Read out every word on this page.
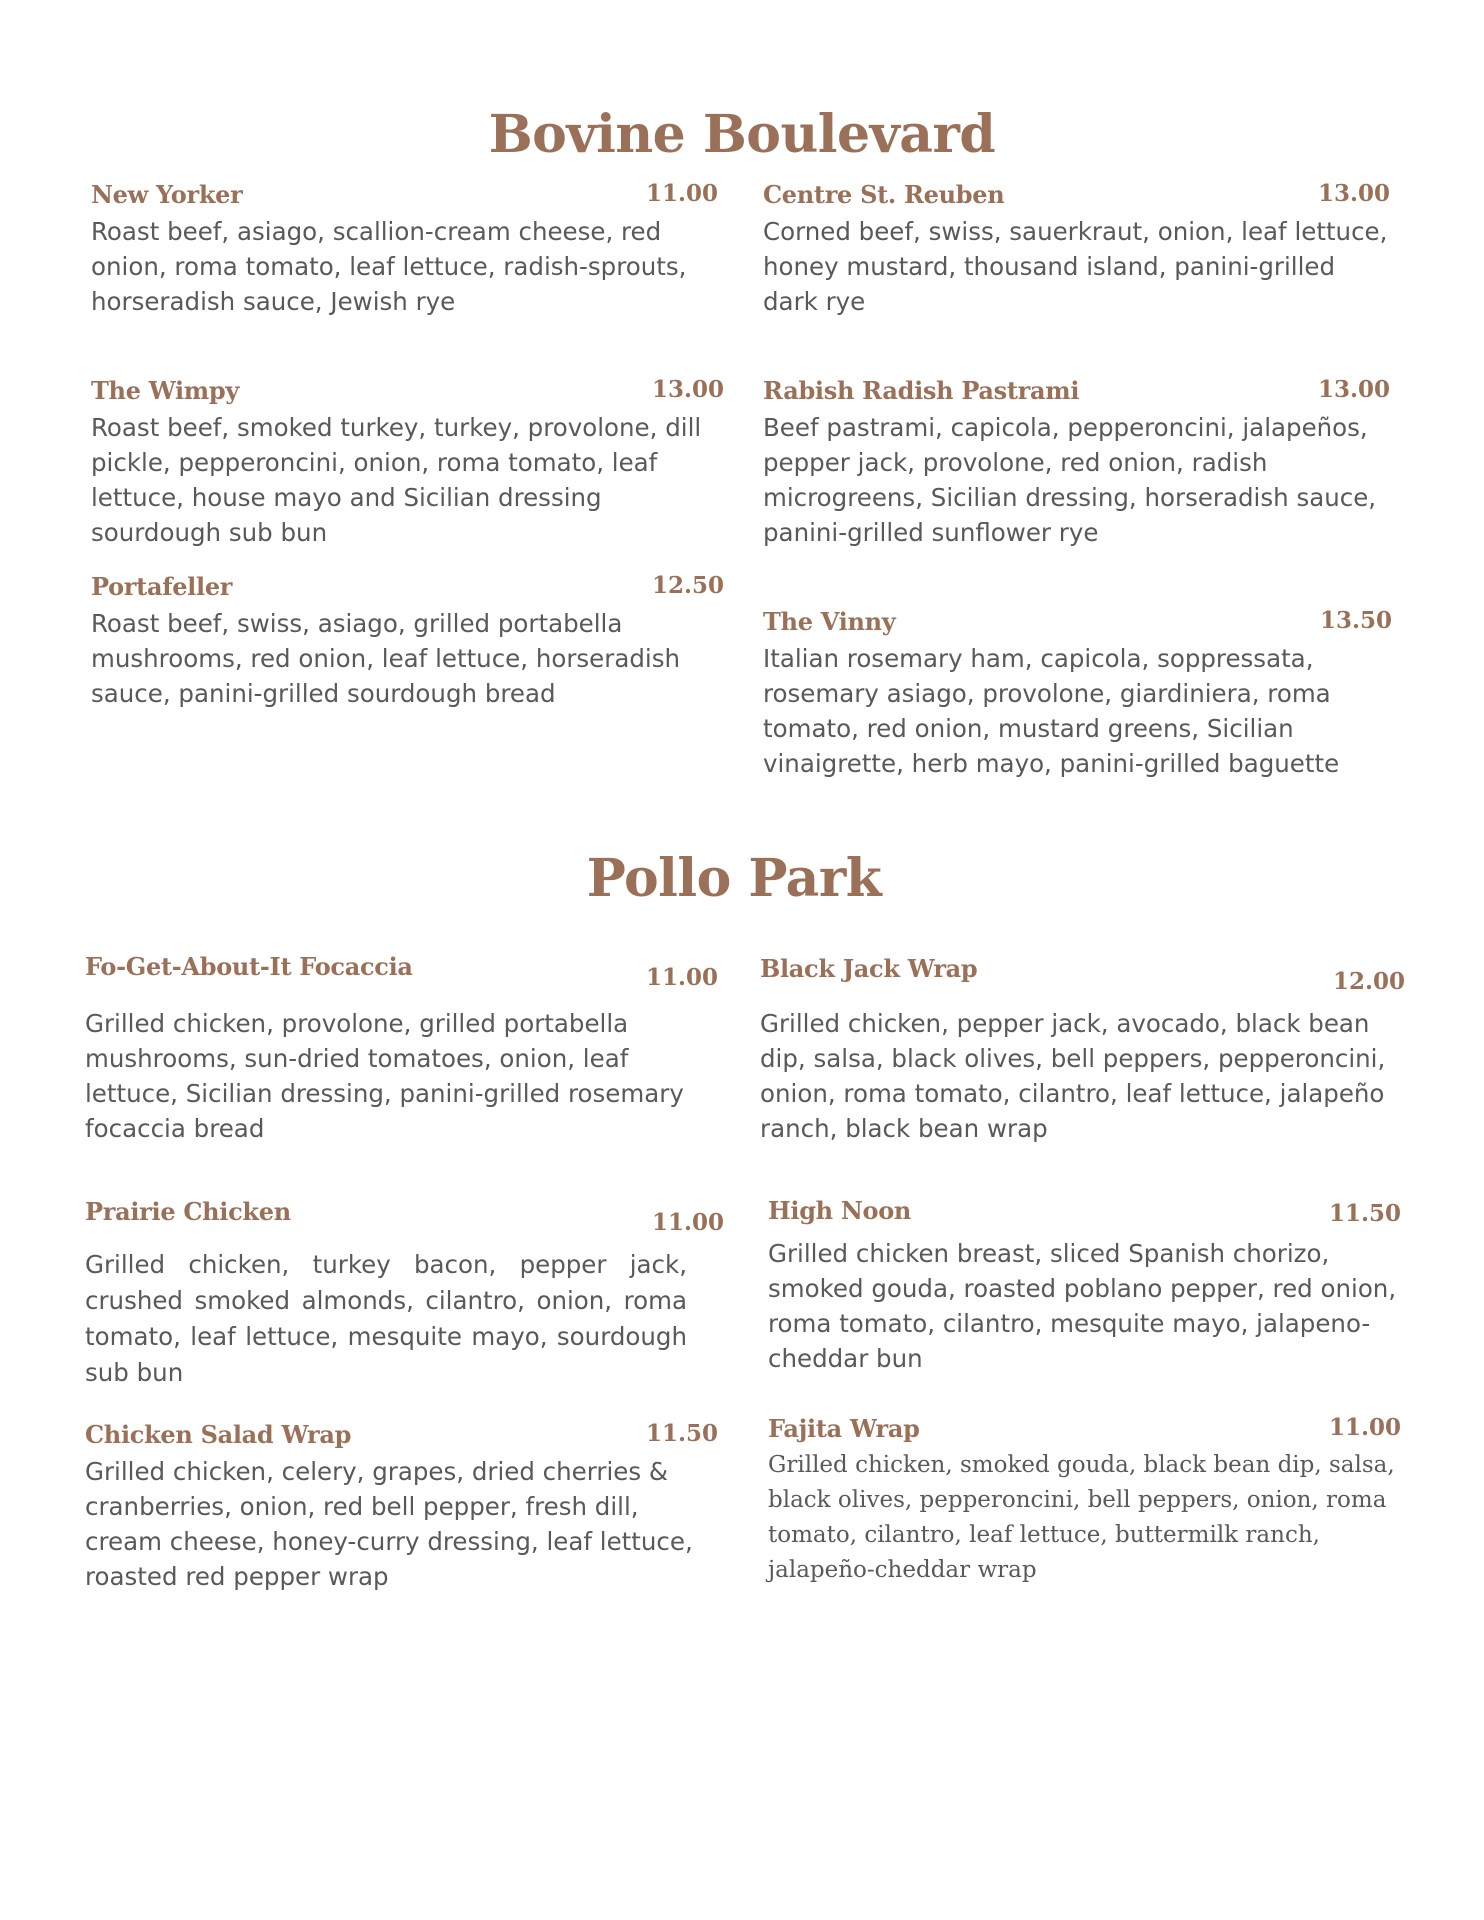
Bovine Boulevard
New Yorker	11.00

Roast beef, asiago, scallion-cream cheese, red onion, roma tomato, leaf lettuce, radish-sprouts, horseradish sauce, Jewish rye

Centre St. Reuben	13.00

Corned beef, swiss, sauerkraut, onion, leaf lettuce, honey mustard, thousand island, panini-grilled dark rye

The Wimpy	13.00

Roast beef, smoked turkey, turkey, provolone, dill pickle, pepperoncini, onion, roma tomato, leaf lettuce, house mayo and Sicilian dressing sourdough sub bun

Rabish Radish Pastrami	13.00

Beef pastrami, capicola, pepperoncini, jalapeños, pepper jack, provolone, red onion, radish microgreens, Sicilian dressing, horseradish sauce, panini-grilled sunflower rye

Portafeller	12.50

Roast beef, swiss, asiago, grilled portabella mushrooms, red onion, leaf lettuce, horseradish sauce, panini-grilled sourdough bread

The Vinny	13.50

Italian rosemary ham, capicola, soppressata, rosemary asiago, provolone, giardiniera, roma tomato, red onion, mustard greens, Sicilian vinaigrette, herb mayo, panini-grilled baguette

Pollo Park
Fo-Get-About-It Focaccia	11.00

Grilled chicken, provolone, grilled portabella mushrooms, sun-dried tomatoes, onion, leaf lettuce, Sicilian dressing, panini-grilled rosemary focaccia bread

Black Jack Wrap	12.00

Grilled chicken, pepper jack, avocado, black bean dip, salsa, black olives, bell peppers, pepperoncini, onion, roma tomato, cilantro, leaf lettuce, jalapeño ranch, black bean wrap

Prairie Chicken	11.00

Grilled chicken, turkey bacon, pepper jack, crushed smoked almonds, cilantro, onion, roma tomato, leaf lettuce, mesquite mayo, sourdough sub bun

High Noon	11.50

Grilled chicken breast, sliced Spanish chorizo, smoked gouda, roasted poblano pepper, red onion, roma tomato, cilantro, mesquite mayo, jalapeno-cheddar bun

Chicken Salad Wrap	11.50

Grilled chicken, celery, grapes, dried cherries & cranberries, onion, red bell pepper, fresh dill, cream cheese, honey-curry dressing, leaf lettuce, roasted red pepper wrap

Fajita Wrap	11.00

Grilled chicken, smoked gouda, black bean dip, salsa, black olives, pepperoncini, bell peppers, onion, roma tomato, cilantro, leaf lettuce, buttermilk ranch, jalapeño-cheddar wrap
